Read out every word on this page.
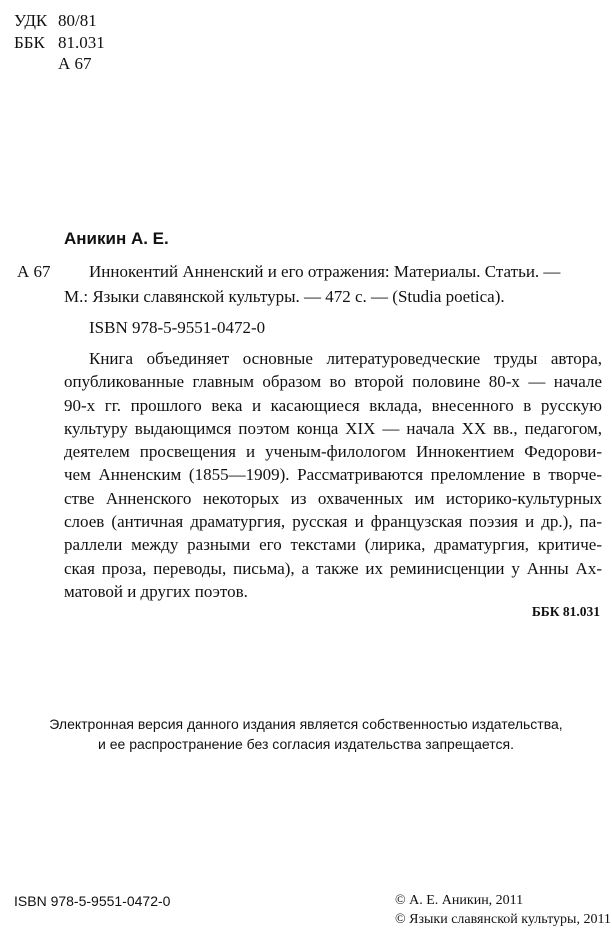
УДК 80/81
ББК 81.031
А 67
Аникин А. Е.
А 67 Иннокентий Анненский и его отражения: Материалы. Статьи. —
М.: Языки славянской культуры. — 472 с. — (Studia poetica).
ISBN 978-5-9551-0472-0
Книга объединяет основные литературоведческие труды автора,
опубликованные главным образом во второй половине 80-х — начале
90-х гг. прошлого века и касающиеся вклада, внесенного в русскую
культуру выдающимся поэтом конца XIX — начала XX вв., педагогом,
деятелем просвещения и ученым-филологом Иннокентием Федорови-
чем Анненским (1855—1909). Рассматриваются преломление в творче-
стве Анненского некоторых из охваченных им историко-культурных
слоев (античная драматургия, русская и французская поэзия и др.), па-
раллели между разными его текстами (лирика, драматургия, критиче-
ская проза, переводы, письма), а также их реминисценции у Анны Ах-
матовой и других поэтов.
ББК 81.031
Электронная версия данного издания является собственностью издательства,
и ее распространение без согласия издательства запрещается.
ISBN 978-5-9551-0472-0	© А. Е. Аникин, 2011
© Языки славянской культуры, 2011
